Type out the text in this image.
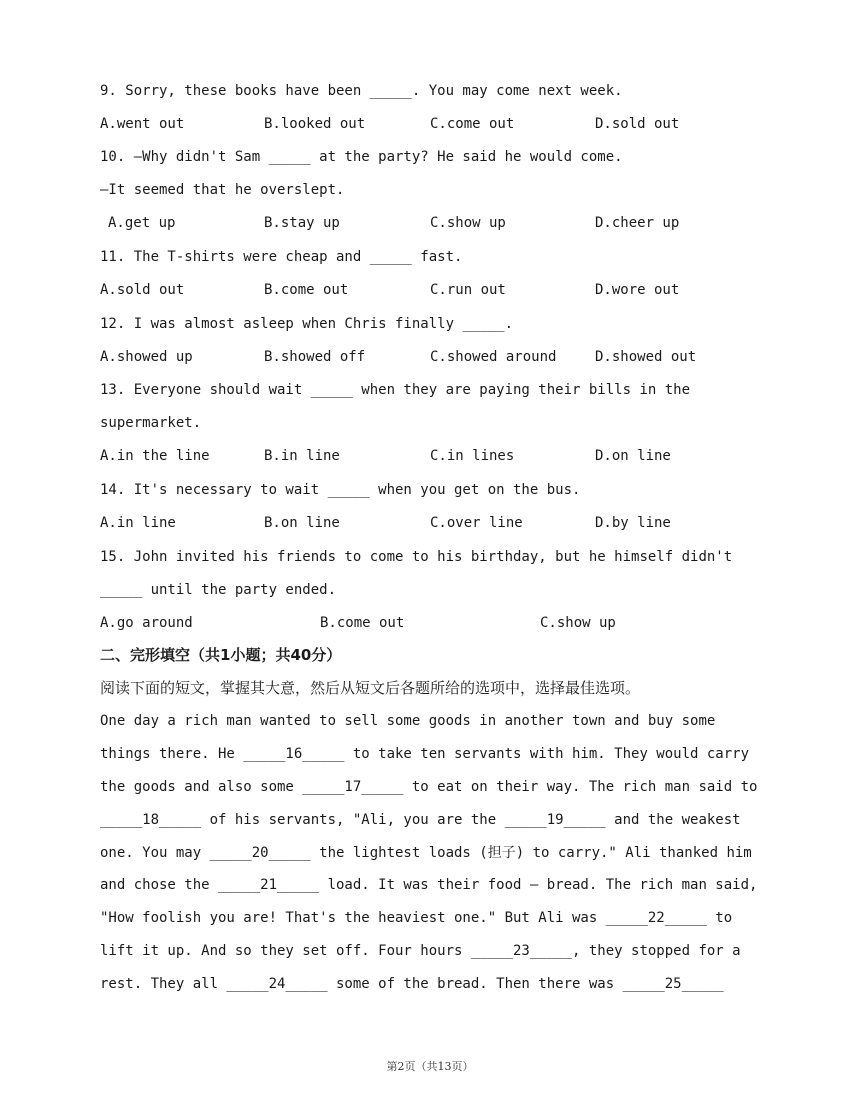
9. Sorry, these books have been _____. You may come next week.
A.went out	B.looked out	C.come out	D.sold out
10. —Why didn't Sam _____ at the party? He said he would come.
—It seemed that he overslept.
A.get up	B.stay up	C.show up	D.cheer up
11. The T-shirts were cheap and _____ fast.
A.sold out	B.come out	C.run out	D.wore out
12. I was almost asleep when Chris finally _____.
A.showed up	B.showed off	C.showed around	D.showed out
13. Everyone should wait _____ when they are paying their bills in the
supermarket.
A.in the line	B.in line	C.in lines	D.on line
14. It's necessary to wait _____ when you get on the bus.
A.in line	B.on line	C.over line	D.by line
15. John invited his friends to come to his birthday, but he himself didn't
_____ until the party ended.
A.go around	B.come out	C.show up
二、完形填空（共1小题；共40分）
阅读下面的短文，掌握其大意，然后从短文后各题所给的选项中，选择最佳选项。
One day a rich man wanted to sell some goods in another town and buy some
things there. He _____16_____ to take ten servants with him. They would carry
the goods and also some _____17_____ to eat on their way. The rich man said to
_____18_____ of his servants, "Ali, you are the _____19_____ and the weakest
one. You may _____20_____ the lightest loads (担子) to carry." Ali thanked him
and chose the _____21_____ load. It was their food — bread. The rich man said,
"How foolish you are! That's the heaviest one." But Ali was _____22_____ to
lift it up. And so they set off. Four hours _____23_____, they stopped for a
rest. They all _____24_____ some of the bread. Then there was _____25_____
第2页（共13页）
